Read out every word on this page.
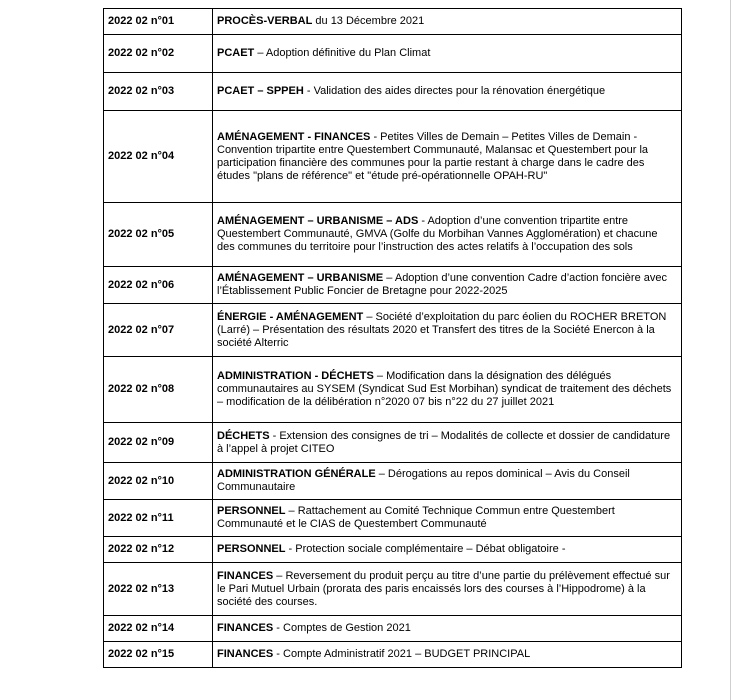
2022 02 n°01	PROCÈS-VERBAL du 13 Décembre 2021
2022 02 n°02	PCAET – Adoption définitive du Plan Climat
2022 02 n°03	PCAET – SPPEH - Validation des aides directes pour la rénovation énergétique
2022 02 n°04	AMÉNAGEMENT - FINANCES - Petites Villes de Demain – Petites Villes de Demain - Convention tripartite entre Questembert Communauté, Malansac et Questembert pour la participation financière des communes pour la partie restant à charge dans le cadre des études "plans de référence" et "étude pré-opérationnelle OPAH-RU"
2022 02 n°05	AMÉNAGEMENT – URBANISME – ADS - Adoption d’une convention tripartite entre Questembert Communauté, GMVA (Golfe du Morbihan Vannes Agglomération) et chacune des communes du territoire pour l’instruction des actes relatifs à l’occupation des sols
2022 02 n°06	AMÉNAGEMENT – URBANISME – Adoption d’une convention Cadre d’action foncière avec l’Établissement Public Foncier de Bretagne pour 2022-2025
2022 02 n°07	ÉNERGIE - AMÉNAGEMENT – Société d’exploitation du parc éolien du ROCHER BRETON (Larré) – Présentation des résultats 2020 et Transfert des titres de la Société Enercon à la société Alterric
2022 02 n°08	ADMINISTRATION - DÉCHETS – Modification dans la désignation des délégués communautaires au SYSEM (Syndicat Sud Est Morbihan) syndicat de traitement des déchets – modification de la délibération n°2020 07 bis n°22 du 27 juillet 2021
2022 02 n°09	DÉCHETS - Extension des consignes de tri – Modalités de collecte et dossier de candidature à l’appel à projet CITEO
2022 02 n°10	ADMINISTRATION GÉNÉRALE – Dérogations au repos dominical – Avis du Conseil Communautaire
2022 02 n°11	PERSONNEL – Rattachement au Comité Technique Commun entre Questembert Communauté et le CIAS de Questembert Communauté
2022 02 n°12	PERSONNEL - Protection sociale complémentaire – Débat obligatoire -
2022 02 n°13	FINANCES – Reversement du produit perçu au titre d’une partie du prélèvement effectué sur le Pari Mutuel Urbain (prorata des paris encaissés lors des courses à l’Hippodrome) à la société des courses.
2022 02 n°14	FINANCES - Comptes de Gestion 2021
2022 02 n°15	FINANCES - Compte Administratif 2021 – BUDGET PRINCIPAL
